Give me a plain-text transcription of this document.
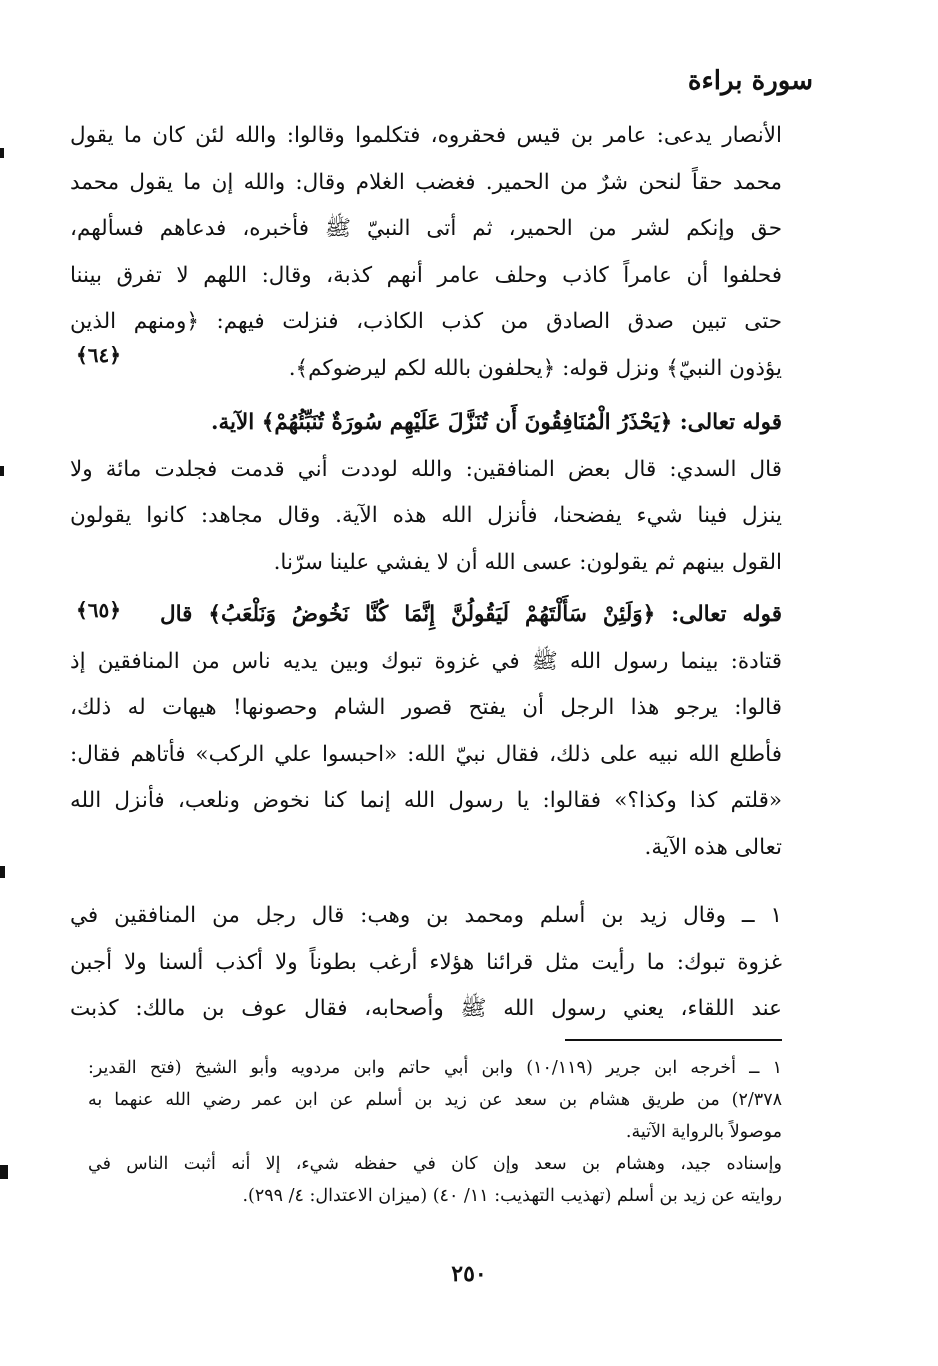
سورة براءة
الأنصار يدعى: عامر بن قيس فحقروه، فتكلموا وقالوا: والله لئن كان ما يقول
محمد حقاً لنحن شرٌ من الحمير. فغضب الغلام وقال: والله إن ما يقول محمد
حق وإنكم لشر من الحمير، ثم أتى النبيّ ﷺ فأخبره، فدعاهم فسألهم،
فحلفوا أن عامراً كاذب وحلف عامر أنهم كذبة، وقال: اللهم لا تفرق بيننا
حتى تبين صدق الصادق من كذب الكاذب، فنزلت فيهم: ﴿ومنهم الذين
يؤذون النبيّ﴾ ونزل قوله: ﴿يحلفون بالله لكم ليرضوكم﴾.
﴿٦٤﴾
قوله تعالى: ﴿يَحْذَرُ الْمُنَافِقُونَ أَن تُنَزَّلَ عَلَيْهِم سُورَةٌ تُنَبِّئُهُمْ﴾ الآية.
قال السدي: قال بعض المنافقين: والله لوددت أني قدمت فجلدت مائة ولا
ينزل فينا شيء يفضحنا، فأنزل الله هذه الآية. وقال مجاهد: كانوا يقولون
القول بينهم ثم يقولون: عسى الله أن لا يفشي علينا سرّنا.
﴿٦٥﴾ قوله تعالى: ﴿وَلَئِنْ سَأَلْتَهُمْ لَيَقُولُنَّ إِنَّمَا كُنَّا نَخُوضُ وَنَلْعَبُ﴾ قال
قتادة: بينما رسول الله ﷺ في غزوة تبوك وبين يديه ناس من المنافقين إذ
قالوا: يرجو هذا الرجل أن يفتح قصور الشام وحصونها! هيهات له ذلك،
فأطلع الله نبيه على ذلك، فقال نبيّ الله: «احبسوا علي الركب» فأتاهم فقال:
«قلتم كذا وكذا؟» فقالوا: يا رسول الله إنما كنا نخوض ونلعب، فأنزل الله
تعالى هذه الآية.
١ ــ وقال زيد بن أسلم ومحمد بن وهب: قال رجل من المنافقين في
غزوة تبوك: ما رأيت مثل قرائنا هؤلاء أرغب بطوناً ولا أكذب ألسنا ولا أجبن
عند اللقاء، يعني رسول الله ﷺ وأصحابه، فقال عوف بن مالك: كذبت
١ ــ أخرجه ابن جرير (١٠/١١٩) وابن أبي حاتم وابن مردويه وأبو الشيخ (فتح القدير:
٢/٣٧٨) من طريق هشام بن سعد عن زيد بن أسلم عن ابن عمر رضي الله عنهما به
موصولاً بالرواية الآتية.
وإسناده جيد، وهشام بن سعد وإن كان في حفظه شيء، إلا أنه أثبت الناس في
روايته عن زيد بن أسلم (تهذيب التهذيب: ١١/ ٤٠) (ميزان الاعتدال: ٤/ ٢٩٩).
٢٥٠
